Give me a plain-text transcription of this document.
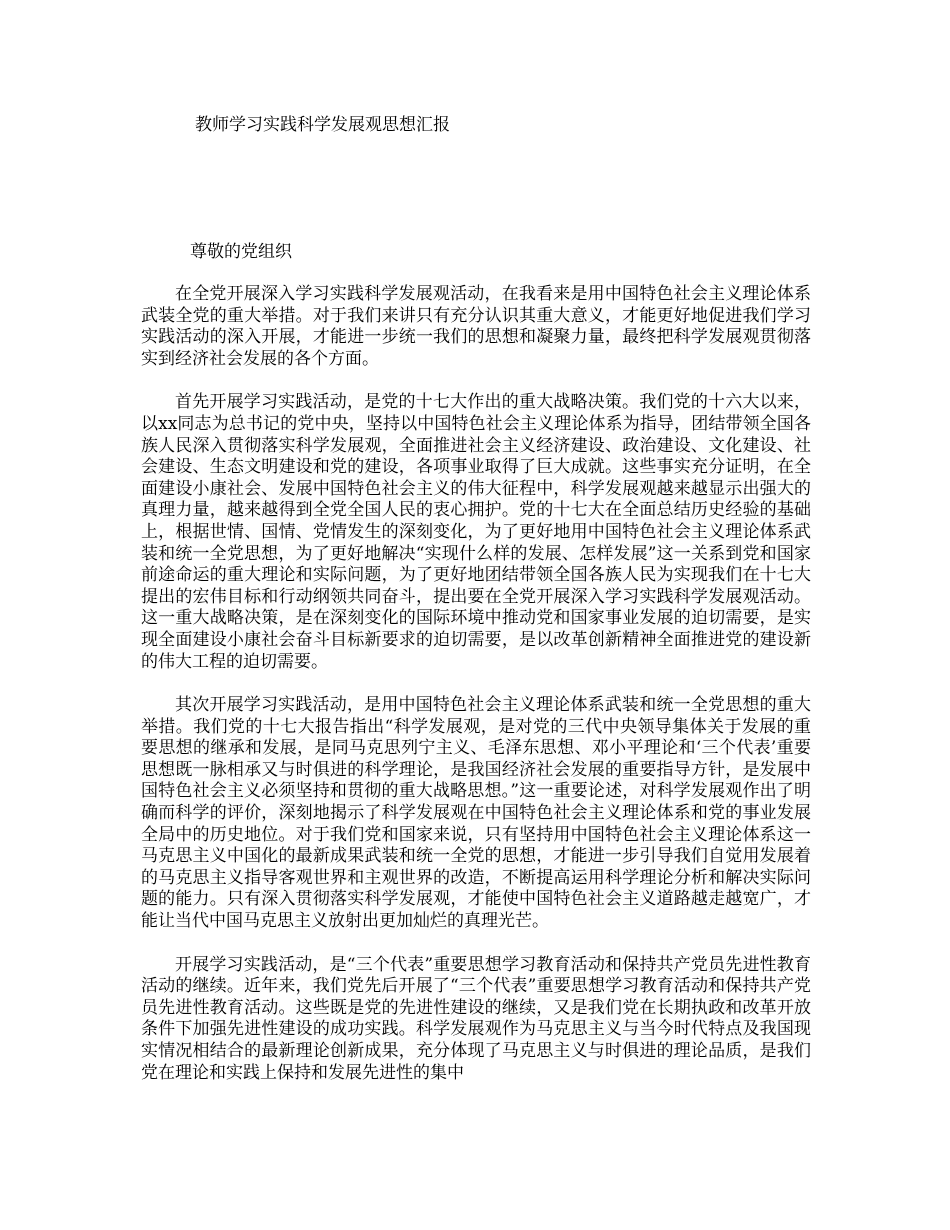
教师学习实践科学发展观思想汇报

尊敬的党组织

在全党开展深入学习实践科学发展观活动，在我看来是用中国特色社会主义理论体系武装全党的重大举措。对于我们来讲只有充分认识其重大意义，才能更好地促进我们学习实践活动的深入开展，才能进一步统一我们的思想和凝聚力量，最终把科学发展观贯彻落实到经济社会发展的各个方面。

首先开展学习实践活动，是党的十七大作出的重大战略决策。我们党的十六大以来，以xx同志为总书记的党中央，坚持以中国特色社会主义理论体系为指导，团结带领全国各族人民深入贯彻落实科学发展观，全面推进社会主义经济建设、政治建设、文化建设、社会建设、生态文明建设和党的建设，各项事业取得了巨大成就。这些事实充分证明，在全面建设小康社会、发展中国特色社会主义的伟大征程中，科学发展观越来越显示出强大的真理力量，越来越得到全党全国人民的衷心拥护。党的十七大在全面总结历史经验的基础上，根据世情、国情、党情发生的深刻变化，为了更好地用中国特色社会主义理论体系武装和统一全党思想，为了更好地解决“实现什么样的发展、怎样发展”这一关系到党和国家前途命运的重大理论和实际问题，为了更好地团结带领全国各族人民为实现我们在十七大提出的宏伟目标和行动纲领共同奋斗，提出要在全党开展深入学习实践科学发展观活动。这一重大战略决策，是在深刻变化的国际环境中推动党和国家事业发展的迫切需要，是实现全面建设小康社会奋斗目标新要求的迫切需要，是以改革创新精神全面推进党的建设新的伟大工程的迫切需要。

其次开展学习实践活动，是用中国特色社会主义理论体系武装和统一全党思想的重大举措。我们党的十七大报告指出“科学发展观，是对党的三代中央领导集体关于发展的重要思想的继承和发展，是同马克思列宁主义、毛泽东思想、邓小平理论和‘三个代表’重要思想既一脉相承又与时俱进的科学理论，是我国经济社会发展的重要指导方针，是发展中国特色社会主义必须坚持和贯彻的重大战略思想。”这一重要论述，对科学发展观作出了明确而科学的评价，深刻地揭示了科学发展观在中国特色社会主义理论体系和党的事业发展全局中的历史地位。对于我们党和国家来说，只有坚持用中国特色社会主义理论体系这一马克思主义中国化的最新成果武装和统一全党的思想，才能进一步引导我们自觉用发展着的马克思主义指导客观世界和主观世界的改造，不断提高运用科学理论分析和解决实际问题的能力。只有深入贯彻落实科学发展观，才能使中国特色社会主义道路越走越宽广，才能让当代中国马克思主义放射出更加灿烂的真理光芒。

开展学习实践活动，是“三个代表”重要思想学习教育活动和保持共产党员先进性教育活动的继续。近年来，我们党先后开展了“三个代表”重要思想学习教育活动和保持共产党员先进性教育活动。这些既是党的先进性建设的继续，又是我们党在长期执政和改革开放条件下加强先进性建设的成功实践。科学发展观作为马克思主义与当今时代特点及我国现实情况相结合的最新理论创新成果，充分体现了马克思主义与时俱进的理论品质，是我们党在理论和实践上保持和发展先进性的集中
